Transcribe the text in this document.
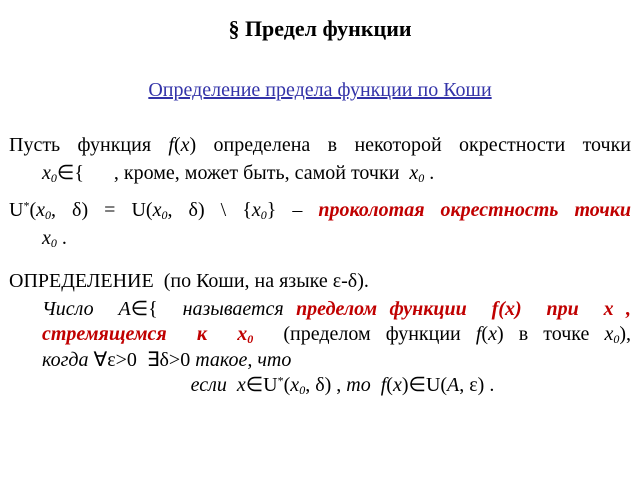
§ Предел функции
Определение предела функции по Коши
Пусть функция f(x) определена в некоторой окрестности точки
$x_0\in${      , кроме, может быть, самой точки  $x_0$ .
$U^*(x_0$, $\delta) = U(x_0$, δ) \ $\{x_0\}$ – проколотая окрестность точки
$x_0$ .
ОПРЕДЕЛЕНИЕ  (по Коши, на языке ε-δ).
Число  A∈{  называется пределом функции  f(x)  при  x ,
стремящемся  к  x0  (пределом функции f(x) в точке $x_0$),
когда ∀ε>0  ∃δ>0 такое, что
если  $x\in U^*(x_0$, δ) , то  f(x)∈U(A, ε) .
